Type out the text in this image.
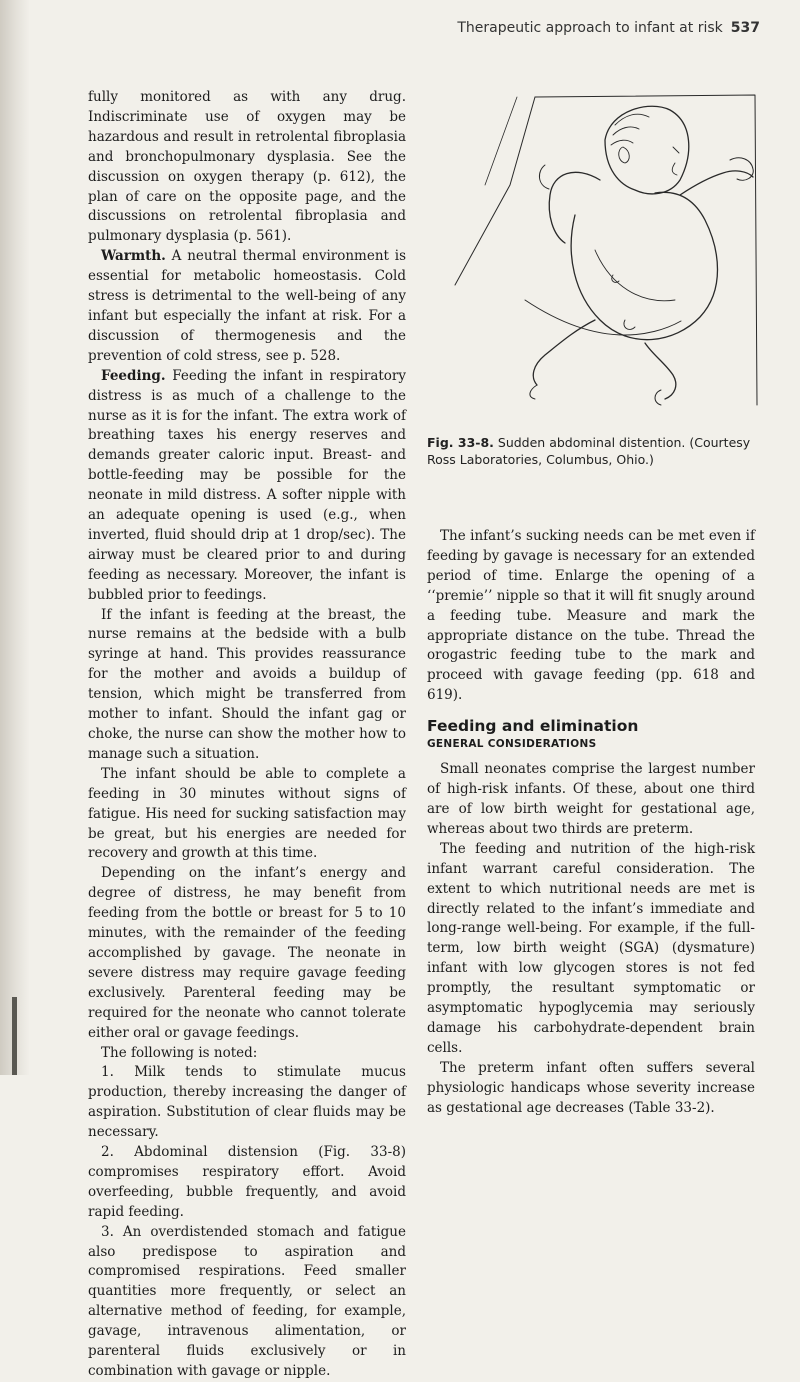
Therapeutic approach to infant at risk 537

fully monitored as with any drug. Indiscriminate use of oxygen may be hazardous and result in retrolental fibroplasia and bronchopulmonary dysplasia. See the discussion on oxygen therapy (p. 612), the plan of care on the opposite page, and the discussions on retrolental fibroplasia and pulmonary dysplasia (p. 561).

Warmth. A neutral thermal environment is essential for metabolic homeostasis. Cold stress is detrimental to the well-being of any infant but especially the infant at risk. For a discussion of thermogenesis and the prevention of cold stress, see p. 528.

Feeding. Feeding the infant in respiratory distress is as much of a challenge to the nurse as it is for the infant. The extra work of breathing taxes his energy reserves and demands greater caloric input. Breast- and bottle-feeding may be possible for the neonate in mild distress. A softer nipple with an adequate opening is used (e.g., when inverted, fluid should drip at 1 drop/sec). The airway must be cleared prior to and during feeding as necessary. Moreover, the infant is bubbled prior to feedings.

If the infant is feeding at the breast, the nurse remains at the bedside with a bulb syringe at hand. This provides reassurance for the mother and avoids a buildup of tension, which might be transferred from mother to infant. Should the infant gag or choke, the nurse can show the mother how to manage such a situation.

The infant should be able to complete a feeding in 30 minutes without signs of fatigue. His need for sucking satisfaction may be great, but his energies are needed for recovery and growth at this time.

Depending on the infant’s energy and degree of distress, he may benefit from feeding from the bottle or breast for 5 to 10 minutes, with the remainder of the feeding accomplished by gavage. The neonate in severe distress may require gavage feeding exclusively. Parenteral feeding may be required for the neonate who cannot tolerate either oral or gavage feedings.

The following is noted:

1. Milk tends to stimulate mucus production, thereby increasing the danger of aspiration. Substitution of clear fluids may be necessary.

2. Abdominal distension (Fig. 33-8) compromises respiratory effort. Avoid overfeeding, bubble frequently, and avoid rapid feeding.

3. An overdistended stomach and fatigue also predispose to aspiration and compromised respirations. Feed smaller quantities more frequently, or select an alternative method of feeding, for example, gavage, intravenous alimentation, or parenteral fluids exclusively or in combination with gavage or nipple.

Fig. 33-8. Sudden abdominal distention. (Courtesy Ross Laboratories, Columbus, Ohio.)

The infant’s sucking needs can be met even if feeding by gavage is necessary for an extended period of time. Enlarge the opening of a ‘‘premie’’ nipple so that it will fit snugly around a feeding tube. Measure and mark the appropriate distance on the tube. Thread the orogastric feeding tube to the mark and proceed with gavage feeding (pp. 618 and 619).

Feeding and elimination
GENERAL CONSIDERATIONS

Small neonates comprise the largest number of high-risk infants. Of these, about one third are of low birth weight for gestational age, whereas about two thirds are preterm.

The feeding and nutrition of the high-risk infant warrant careful consideration. The extent to which nutritional needs are met is directly related to the infant’s immediate and long-range well-being. For example, if the full-term, low birth weight (SGA) (dysmature) infant with low glycogen stores is not fed promptly, the resultant symptomatic or asymptomatic hypoglycemia may seriously damage his carbohydrate-dependent brain cells.

The preterm infant often suffers several physiologic handicaps whose severity increase as gestational age decreases (Table 33-2).
